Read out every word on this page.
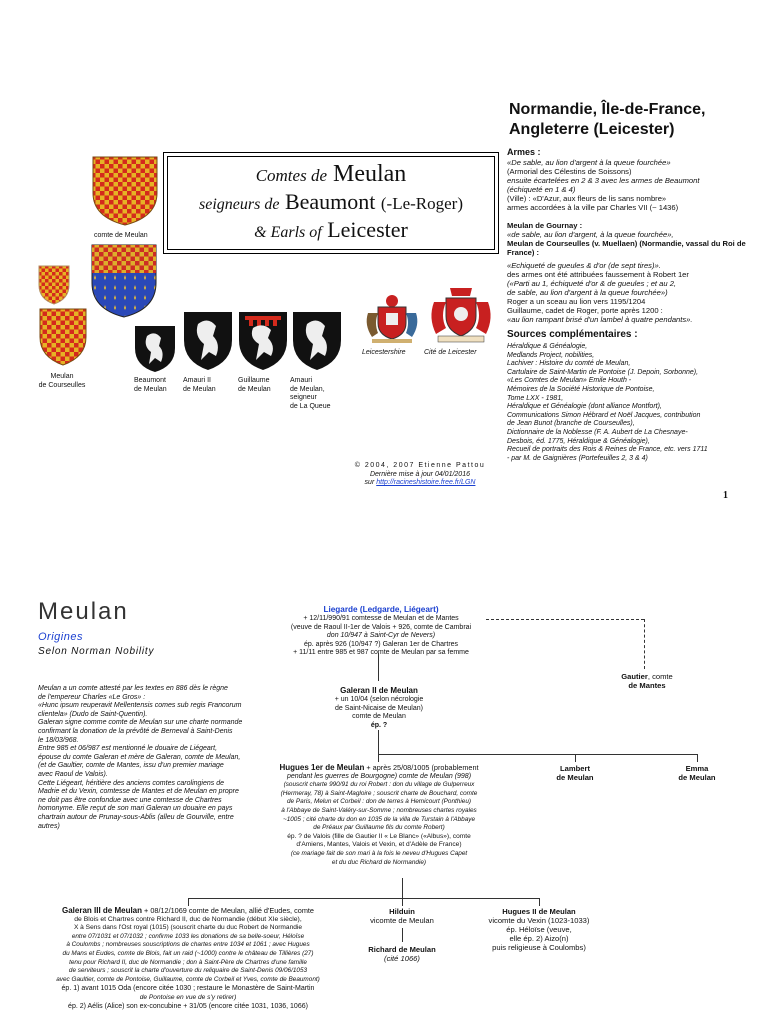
Normandie, Île-de-France,
Angleterre (Leicester)
Comtes de Meulan
seigneurs de Beaumont (-Le-Roger)
& Earls of Leicester
comte de Meulan
Meulan
de Courseulles
Beaumont
de Meulan
Amauri II
de Meulan
Guillaume
de Meulan
Amauri
de Meulan,
seigneur
de La Queue
Leicestershire	Cité de Leicester
Armes :
«De sable, au lion d'argent à la queue fourchée»
(Armorial des Célestins de Soissons)
ensuite écartelées en 2 & 3 avec les armes de Beaumont
(échiqueté en 1 & 4)
(Ville) : «D'Azur, aux fleurs de lis sans nombre»
armes accordées à la ville par Charles VII (~ 1436)
Meulan de Gournay :
«de sable, au lion d'argent, à la queue fourchée»,
Meulan de Courseulles (v. Muellaen) (Normandie, vassal du Roi de France) :
«Echiqueté de gueules & d'or (de sept tires)».
des armes ont été attribuées faussement à Robert 1er
(«Parti au 1, échiqueté d'or & de gueules ; et au 2,
de sable, au lion d'argent à la queue fourchée»)
Roger a un sceau au lion vers 1195/1204
Guillaume, cadet de Roger, porte après 1200 :
«au lion rampant brisé d'un lambel à quatre pendants».
Sources complémentaires :
Héraldique & Généalogie,
Medlands Project, nobilities,
Lachiver : Histoire du comté de Meulan,
Cartulaire de Saint-Martin de Pontoise (J. Depoin, Sorbonne),
«Les Comtes de Meulan» Emile Houth -
Mémoires de la Société Historique de Pontoise,
Tome LXX - 1981,
Héraldique et Généalogie (dont alliance Montfort),
Communications Simon Hébrard et Noël Jacques, contribution
de Jean Bunot (branche de Courseulles),
Dictionnaire de la Noblesse (F. A. Aubert de La Chesnaye-
Desbois, éd. 1775, Héraldique & Généalogie),
Recueil de portraits des Rois & Reines de France, etc. vers 1711
- par M. de Gaignières (Portefeuilles 2, 3 & 4)
© 2004, 2007 Etienne Pattou
Dernière mise à jour 04/01/2016
sur http://racineshistoire.free.fr/LGN
1
Meulan
Origines
Selon Norman Nobility
Meulan a un comte attesté par les textes en 886 dès le règne
de l'empereur Charles «Le Gros» :
«Hunc ipsum reuperavit Mellentensis comes sub regis Francorum
clientela» (Dudo de Saint-Quentin).
Galeran signe comme comte de Meulan sur une charte normande
confirmant la donation de la prévôté de Berneval à Saint-Denis
le 18/03/968.
Entre 985 et 06/987 est mentionné le douaire de Liégeart,
épouse du comte Galeran et mère de Galeran, comte de Meulan,
(et de Gaultier, comte de Mantes, issu d'un premier mariage
avec Raoul de Valois).
Cette Liégeart, héritière des anciens comtes carolingiens de
Madrie et du Vexin, comtesse de Mantes et de Meulan en propre
ne doit pas être confondue avec une comtesse de Chartres
homonyme. Elle reçut de son mari Galeran un douaire en pays
chartrain autour de Prunay-sous-Ablis (alleu de Gourville, entre
autres)
Liegarde (Ledgarde, Liégeart)
+ 12/11/990/91 comtesse de Meulan et de Mantes
(veuve de Raoul II-1er de Valois + 926, comte de Cambrai
don 10/947 à Saint-Cyr de Nevers)
ép. après 926 (10/947 ?) Galeran 1er de Chartres
+ 11/11 entre 985 et 987 comte de Meulan par sa femme
Gautier, comte
de Mantes
Galeran II de Meulan
+ un 10/04 (selon nécrologie
de Saint-Nicaise de Meulan)
comte de Meulan
ép. ?
Hugues 1er de Meulan + après 25/08/1005 (probablement
pendant les guerres de Bourgogne) comte de Meulan (998)
(souscrit charte 990/91 du roi Robert : don du village de Gulperreux
(Hermeray, 78) à Saint-Magloire ; souscrit charte de Bouchard, comte
de Paris, Melun et Corbeil : don de terres à Hemicourt (Ponthieu)
à l'Abbaye de Saint-Valéry-sur-Somme ; nombreuses chartes royales
~1005 ; cité charte du don en 1035 de la villa de Turstain à l'Abbaye
de Préaux par Guillaume fils du comte Robert)
ép. ? de Valois (fille de Gautier II « Le Blanc» («Albus»), comte
d'Amiens, Mantes, Valois et Vexin, et d'Adèle de France)
(ce mariage fait de son mari à la fois le neveu d'Hugues Capet
et du duc Richard de Normandie)
Lambert
de Meulan
Emma
de Meulan
Galeran III de Meulan + 08/12/1069 comte de Meulan, allié d'Eudes, comte
de Blois et Chartres contre Richard II, duc de Normandie (début XIe siècle),
X à Sens dans l'Ost royal (1015) (souscrit charte du duc Robert de Normandie
entre 07/1031 et 07/1032 ; confirme 1033 les donations de sa belle-soeur, Héloïse
à Coulombs ; nombreuses souscriptions de chartes entre 1034 et 1061 ; avec Hugues
du Mans et Eudes, comte de Blois, fait un raid (~1000) contre le château de Tillières (27)
tenu pour Richard II, duc de Normandie ; don à Saint-Père de Chartres d'une famille
de serviteurs ; souscrit la charte d'ouverture du reliquaire de Saint-Denis 09/06/1053
avec Gaultier, comte de Pontoise, Guillaume, comte de Corbeil et Yves, comte de Beaumont)
ép. 1) avant 1015 Oda (encore citée 1030 ; restaure le Monastère de Saint-Martin
de Pontoise en vue de s'y retirer)
ép. 2) Aélis (Alice) son ex-concubine + 31/05 (encore citée 1031, 1036, 1066)
Hilduin
vicomte de Meulan
Richard de Meulan
(cité 1066)
Hugues II de Meulan
vicomte du Vexin (1023-1033)
ép. Héloïse (veuve,
elle ép. 2) Aizo(n)
puis religieuse à Coulombs)
